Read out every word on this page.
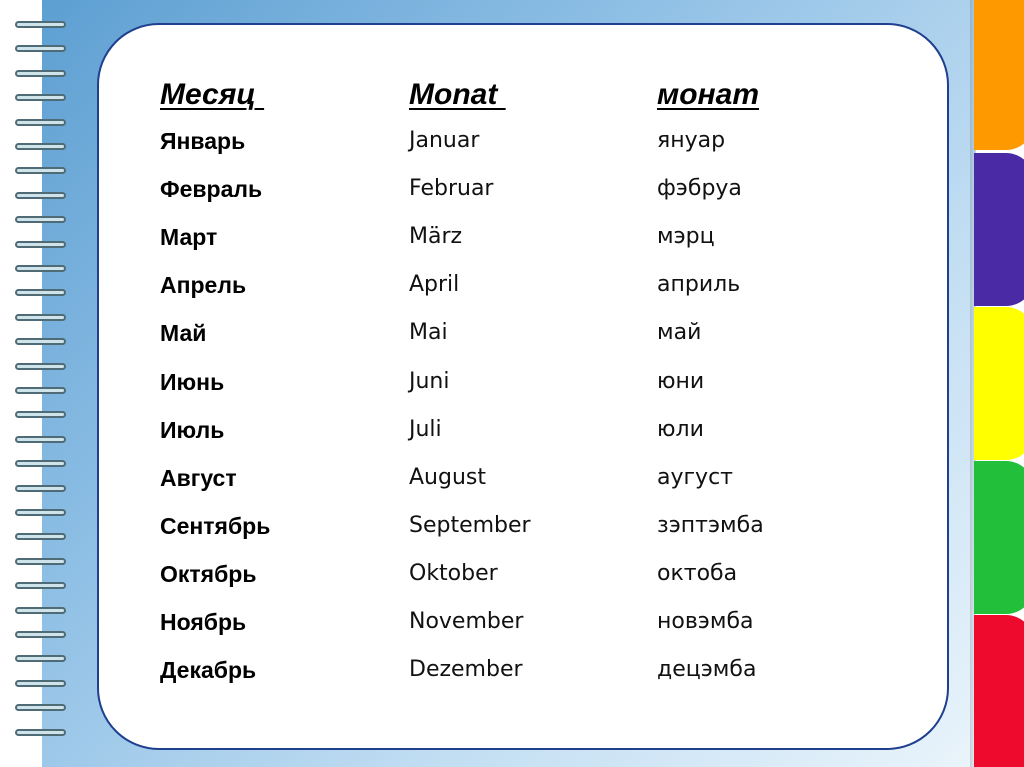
Месяц	Monat	монат
Январь	Januar	януар
Февраль	Februar	фэбруа
Март	März	мэрц
Апрель	April	априль
Май	Mai	май
Июнь	Juni	юни
Июль	Juli	юли
Август	August	аугуст
Сентябрь	September	зэптэмба
Октябрь	Oktober	октоба
Ноябрь	November	новэмба
Декабрь	Dezember	децэмба
